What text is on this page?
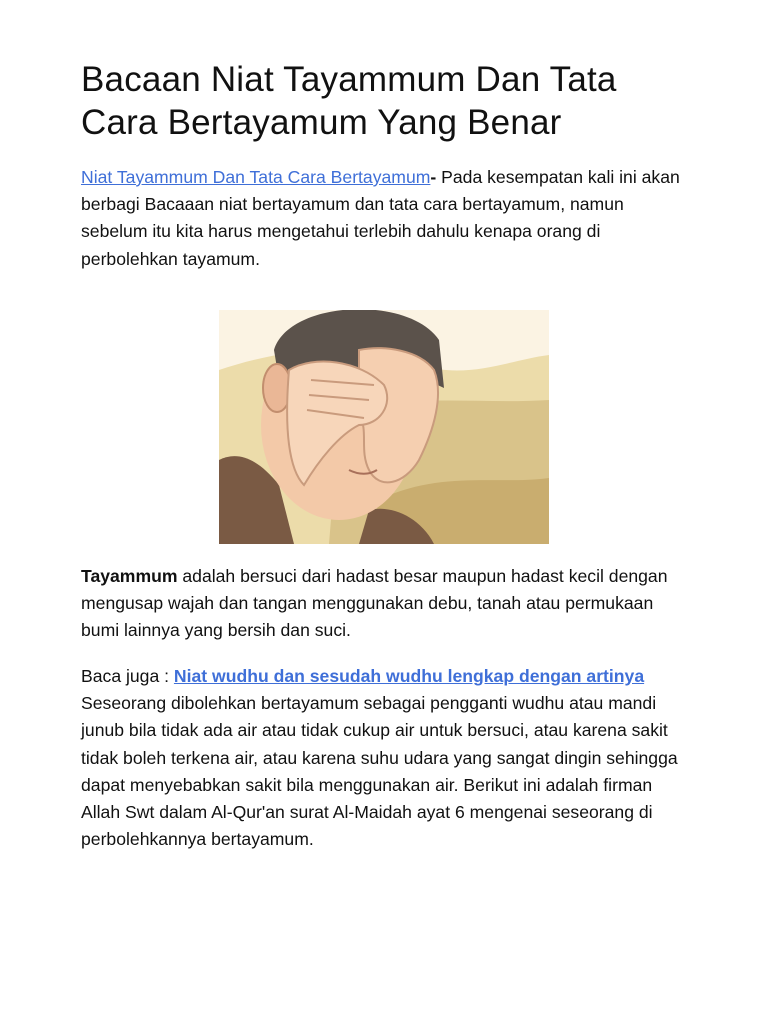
Bacaan Niat Tayammum Dan Tata Cara Bertayamum Yang Benar

Niat Tayammum Dan Tata Cara Bertayamum- Pada kesempatan kali ini akan berbagi Bacaaan niat bertayamum dan tata cara bertayamum, namun sebelum itu kita harus mengetahui terlebih dahulu kenapa orang di perbolehkan tayamum.

Tayammum adalah bersuci dari hadast besar maupun hadast kecil dengan mengusap wajah dan tangan menggunakan debu, tanah atau permukaan bumi lainnya yang bersih dan suci.

Baca juga : Niat wudhu dan sesudah wudhu lengkap dengan artinya
Seseorang dibolehkan bertayamum sebagai pengganti wudhu atau mandi junub bila tidak ada air atau tidak cukup air untuk bersuci, atau karena sakit tidak boleh terkena air, atau karena suhu udara yang sangat dingin sehingga dapat menyebabkan sakit bila menggunakan air. Berikut ini adalah firman Allah Swt dalam Al-Qur'an surat Al-Maidah ayat 6 mengenai seseorang di perbolehkannya bertayamum.
